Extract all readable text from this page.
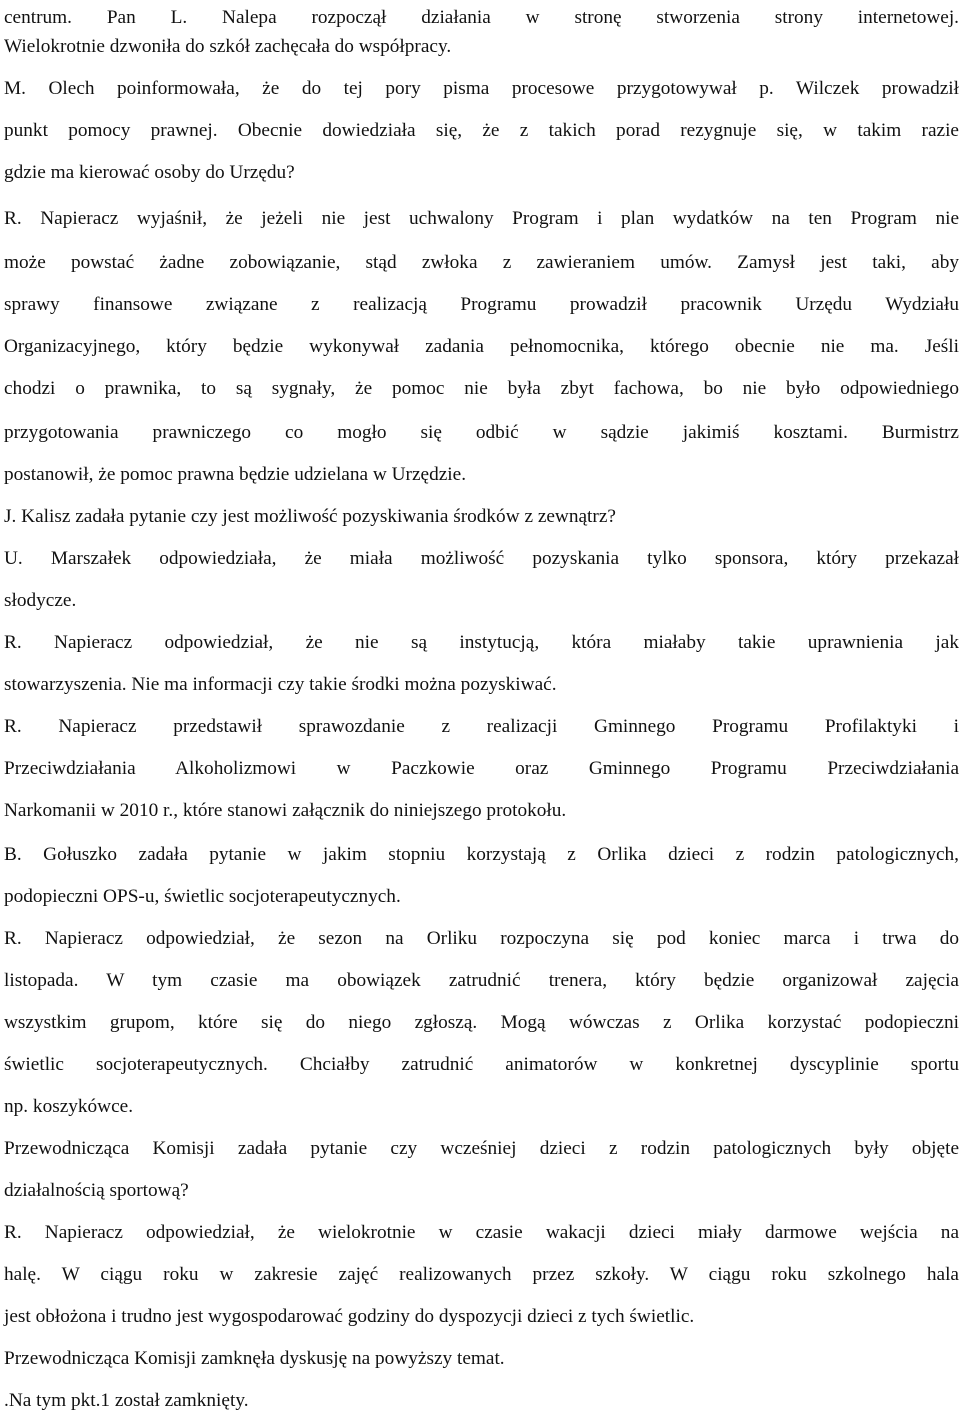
centrum. Pan L. Nalepa rozpoczął działania w stronę stworzenia strony internetowej.
Wielokrotnie dzwoniła do szkół zachęcała do współpracy.
M. Olech poinformowała, że do tej pory pisma procesowe przygotowywał p. Wilczek prowadził
punkt pomocy prawnej. Obecnie dowiedziała się, że z takich porad rezygnuje się, w takim razie
gdzie ma kierować osoby do Urzędu?
R. Napieracz wyjaśnił, że jeżeli nie jest uchwalony Program i plan wydatków na ten Program nie
może powstać żadne zobowiązanie, stąd zwłoka z zawieraniem umów. Zamysł jest taki, aby
sprawy finansowe związane z realizacją Programu prowadził pracownik Urzędu Wydziału
Organizacyjnego, który będzie wykonywał zadania pełnomocnika, którego obecnie nie ma. Jeśli
chodzi o prawnika, to są sygnały, że pomoc nie była zbyt fachowa, bo nie było odpowiedniego
przygotowania prawniczego co mogło się odbić w sądzie jakimiś kosztami. Burmistrz
postanowił, że pomoc prawna będzie udzielana w Urzędzie.
J. Kalisz zadała pytanie czy jest możliwość pozyskiwania środków z zewnątrz?
U. Marszałek odpowiedziała, że miała możliwość pozyskania tylko sponsora, który przekazał
słodycze.
R. Napieracz odpowiedział, że nie są instytucją, która miałaby takie uprawnienia jak
stowarzyszenia. Nie ma informacji czy takie środki można pozyskiwać.
R. Napieracz przedstawił sprawozdanie z realizacji Gminnego Programu Profilaktyki i
Przeciwdziałania Alkoholizmowi w Paczkowie oraz Gminnego Programu Przeciwdziałania
Narkomanii w 2010 r., które stanowi załącznik do niniejszego protokołu.
B. Gołuszko zadała pytanie w jakim stopniu korzystają z Orlika dzieci z rodzin patologicznych,
podopieczni OPS-u, świetlic socjoterapeutycznych.
R. Napieracz odpowiedział, że sezon na Orliku rozpoczyna się pod koniec marca i trwa do
listopada. W tym czasie ma obowiązek zatrudnić trenera, który będzie organizował zajęcia
wszystkim grupom, które się do niego zgłoszą. Mogą wówczas z Orlika korzystać podopieczni
świetlic socjoterapeutycznych. Chciałby zatrudnić animatorów w konkretnej dyscyplinie sportu
np. koszykówce.
Przewodnicząca Komisji zadała pytanie czy wcześniej dzieci z rodzin patologicznych były objęte
działalnością sportową?
R. Napieracz odpowiedział, że wielokrotnie w czasie wakacji dzieci miały darmowe wejścia na
halę. W ciągu roku w zakresie zajęć realizowanych przez szkoły. W ciągu roku szkolnego hala
jest obłożona i trudno jest wygospodarować godziny do dyspozycji dzieci z tych świetlic.
Przewodnicząca Komisji zamknęła dyskusję na powyższy temat.
.Na tym pkt.1 został zamknięty.
